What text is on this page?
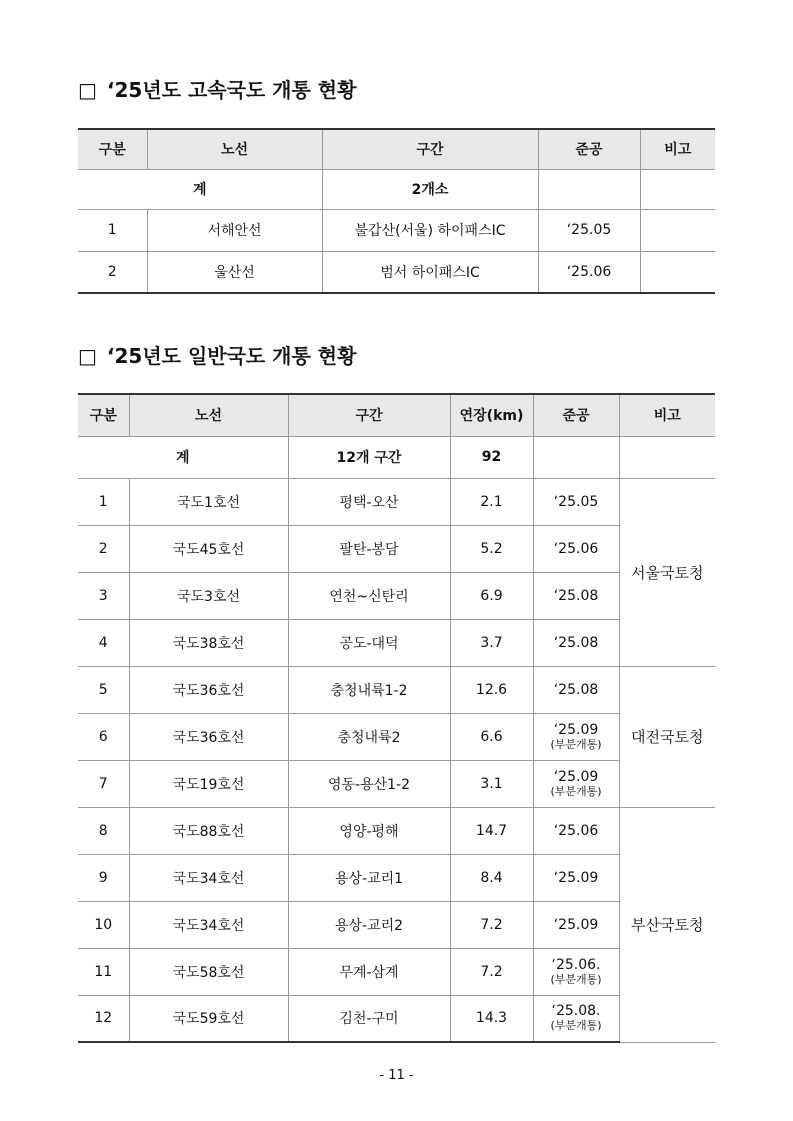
□ ‘25년도 고속국도 개통 현황
구분	노선	구간	준공	비고
계		2개소		
1	서해안선	불갑산(서울) 하이패스IC	‘25.05	
2	울산선	범서 하이패스IC	‘25.06	
□ ‘25년도 일반국도 개통 현황
구분	노선	구간	연장(km)	준공	비고
계		12개 구간	92		
1	국도1호선	평택-오산	2.1	‘25.05	서울국토청
2	국도45호선	팔탄-봉담	5.2	‘25.06	

3	국도3호선	연천~신탄리	6.9	‘25.08	

4	국도38호선	공도-대덕	3.7	‘25.08	

5	국도36호선	충청내륙1-2	12.6	‘25.08	대전국토청
6	국도36호선	충청내륙2	6.6	‘25.09
(부분개통)	

7	국도19호선	영동-용산1-2	3.1	‘25.09
(부분개통)	

8	국도88호선	영양-평해	14.7	‘25.06	부산국토청
9	국도34호선	용상-교리1	8.4	‘25.09	

10	국도34호선	용상-교리2	7.2	‘25.09	

11	국도58호선	무계-삼계	7.2	‘25.06.
(부분개통)	

12	국도59호선	김천-구미	14.3	‘25.08.
(부분개통)	
- 11 -
